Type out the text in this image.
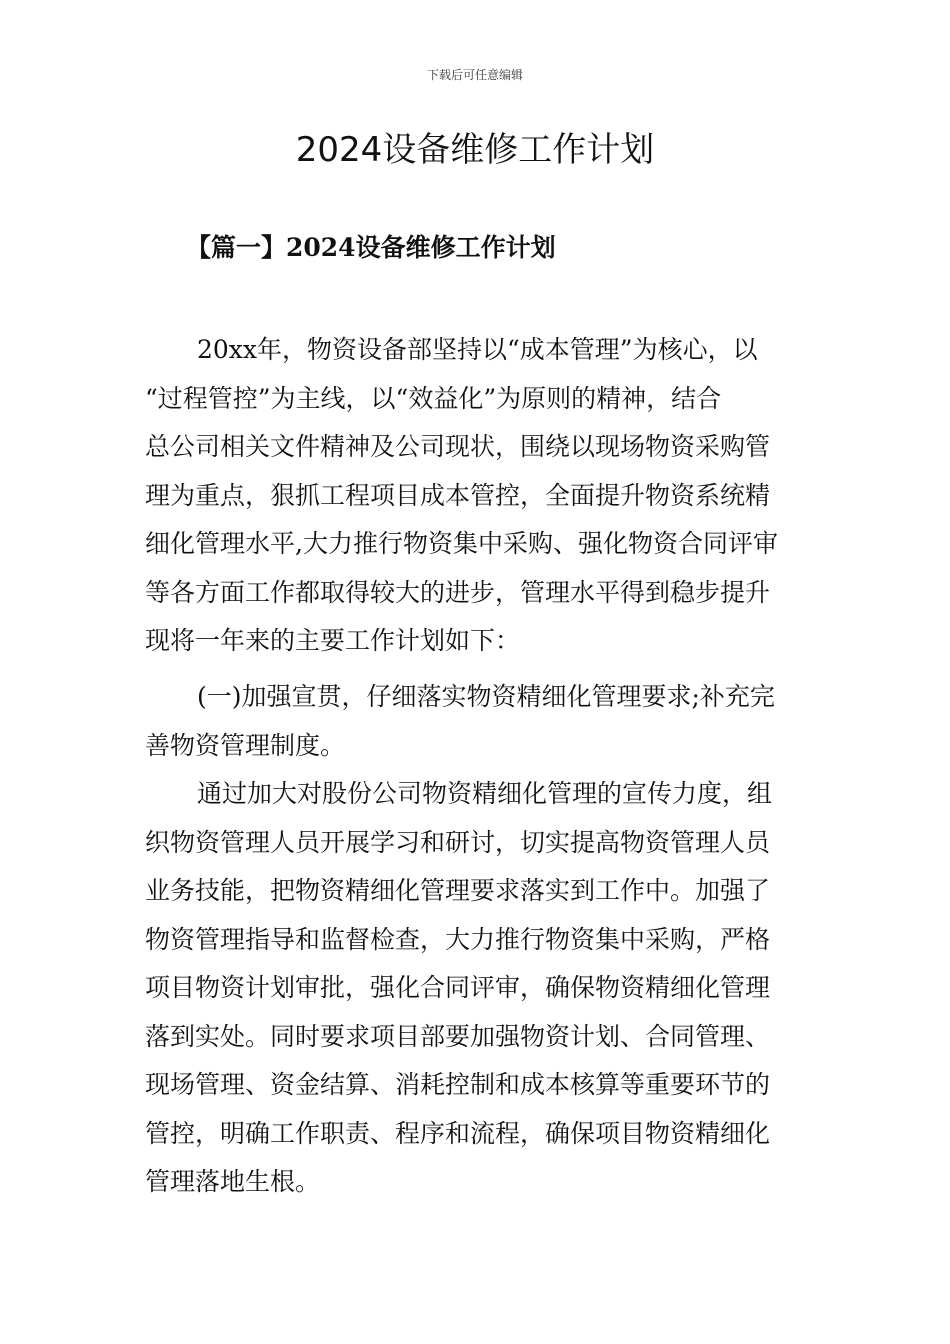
下载后可任意编辑
2024设备维修工作计划
【篇一】2024设备维修工作计划

20xx年，物资设备部坚持以“成本管理”为核心，以
“过程管控”为主线，以“效益化”为原则的精神，结合
总公司相关文件精神及公司现状，围绕以现场物资采购管
理为重点，狠抓工程项目成本管控，全面提升物资系统精
细化管理水平,大力推行物资集中采购、强化物资合同评审
等各方面工作都取得较大的进步，管理水平得到稳步提升
现将一年来的主要工作计划如下：

(一)加强宣贯，仔细落实物资精细化管理要求;补充完
善物资管理制度。

通过加大对股份公司物资精细化管理的宣传力度，组
织物资管理人员开展学习和研讨，切实提高物资管理人员
业务技能，把物资精细化管理要求落实到工作中。加强了
物资管理指导和监督检查，大力推行物资集中采购，严格
项目物资计划审批，强化合同评审，确保物资精细化管理
落到实处。同时要求项目部要加强物资计划、合同管理、
现场管理、资金结算、消耗控制和成本核算等重要环节的
管控，明确工作职责、程序和流程，确保项目物资精细化
管理落地生根。
